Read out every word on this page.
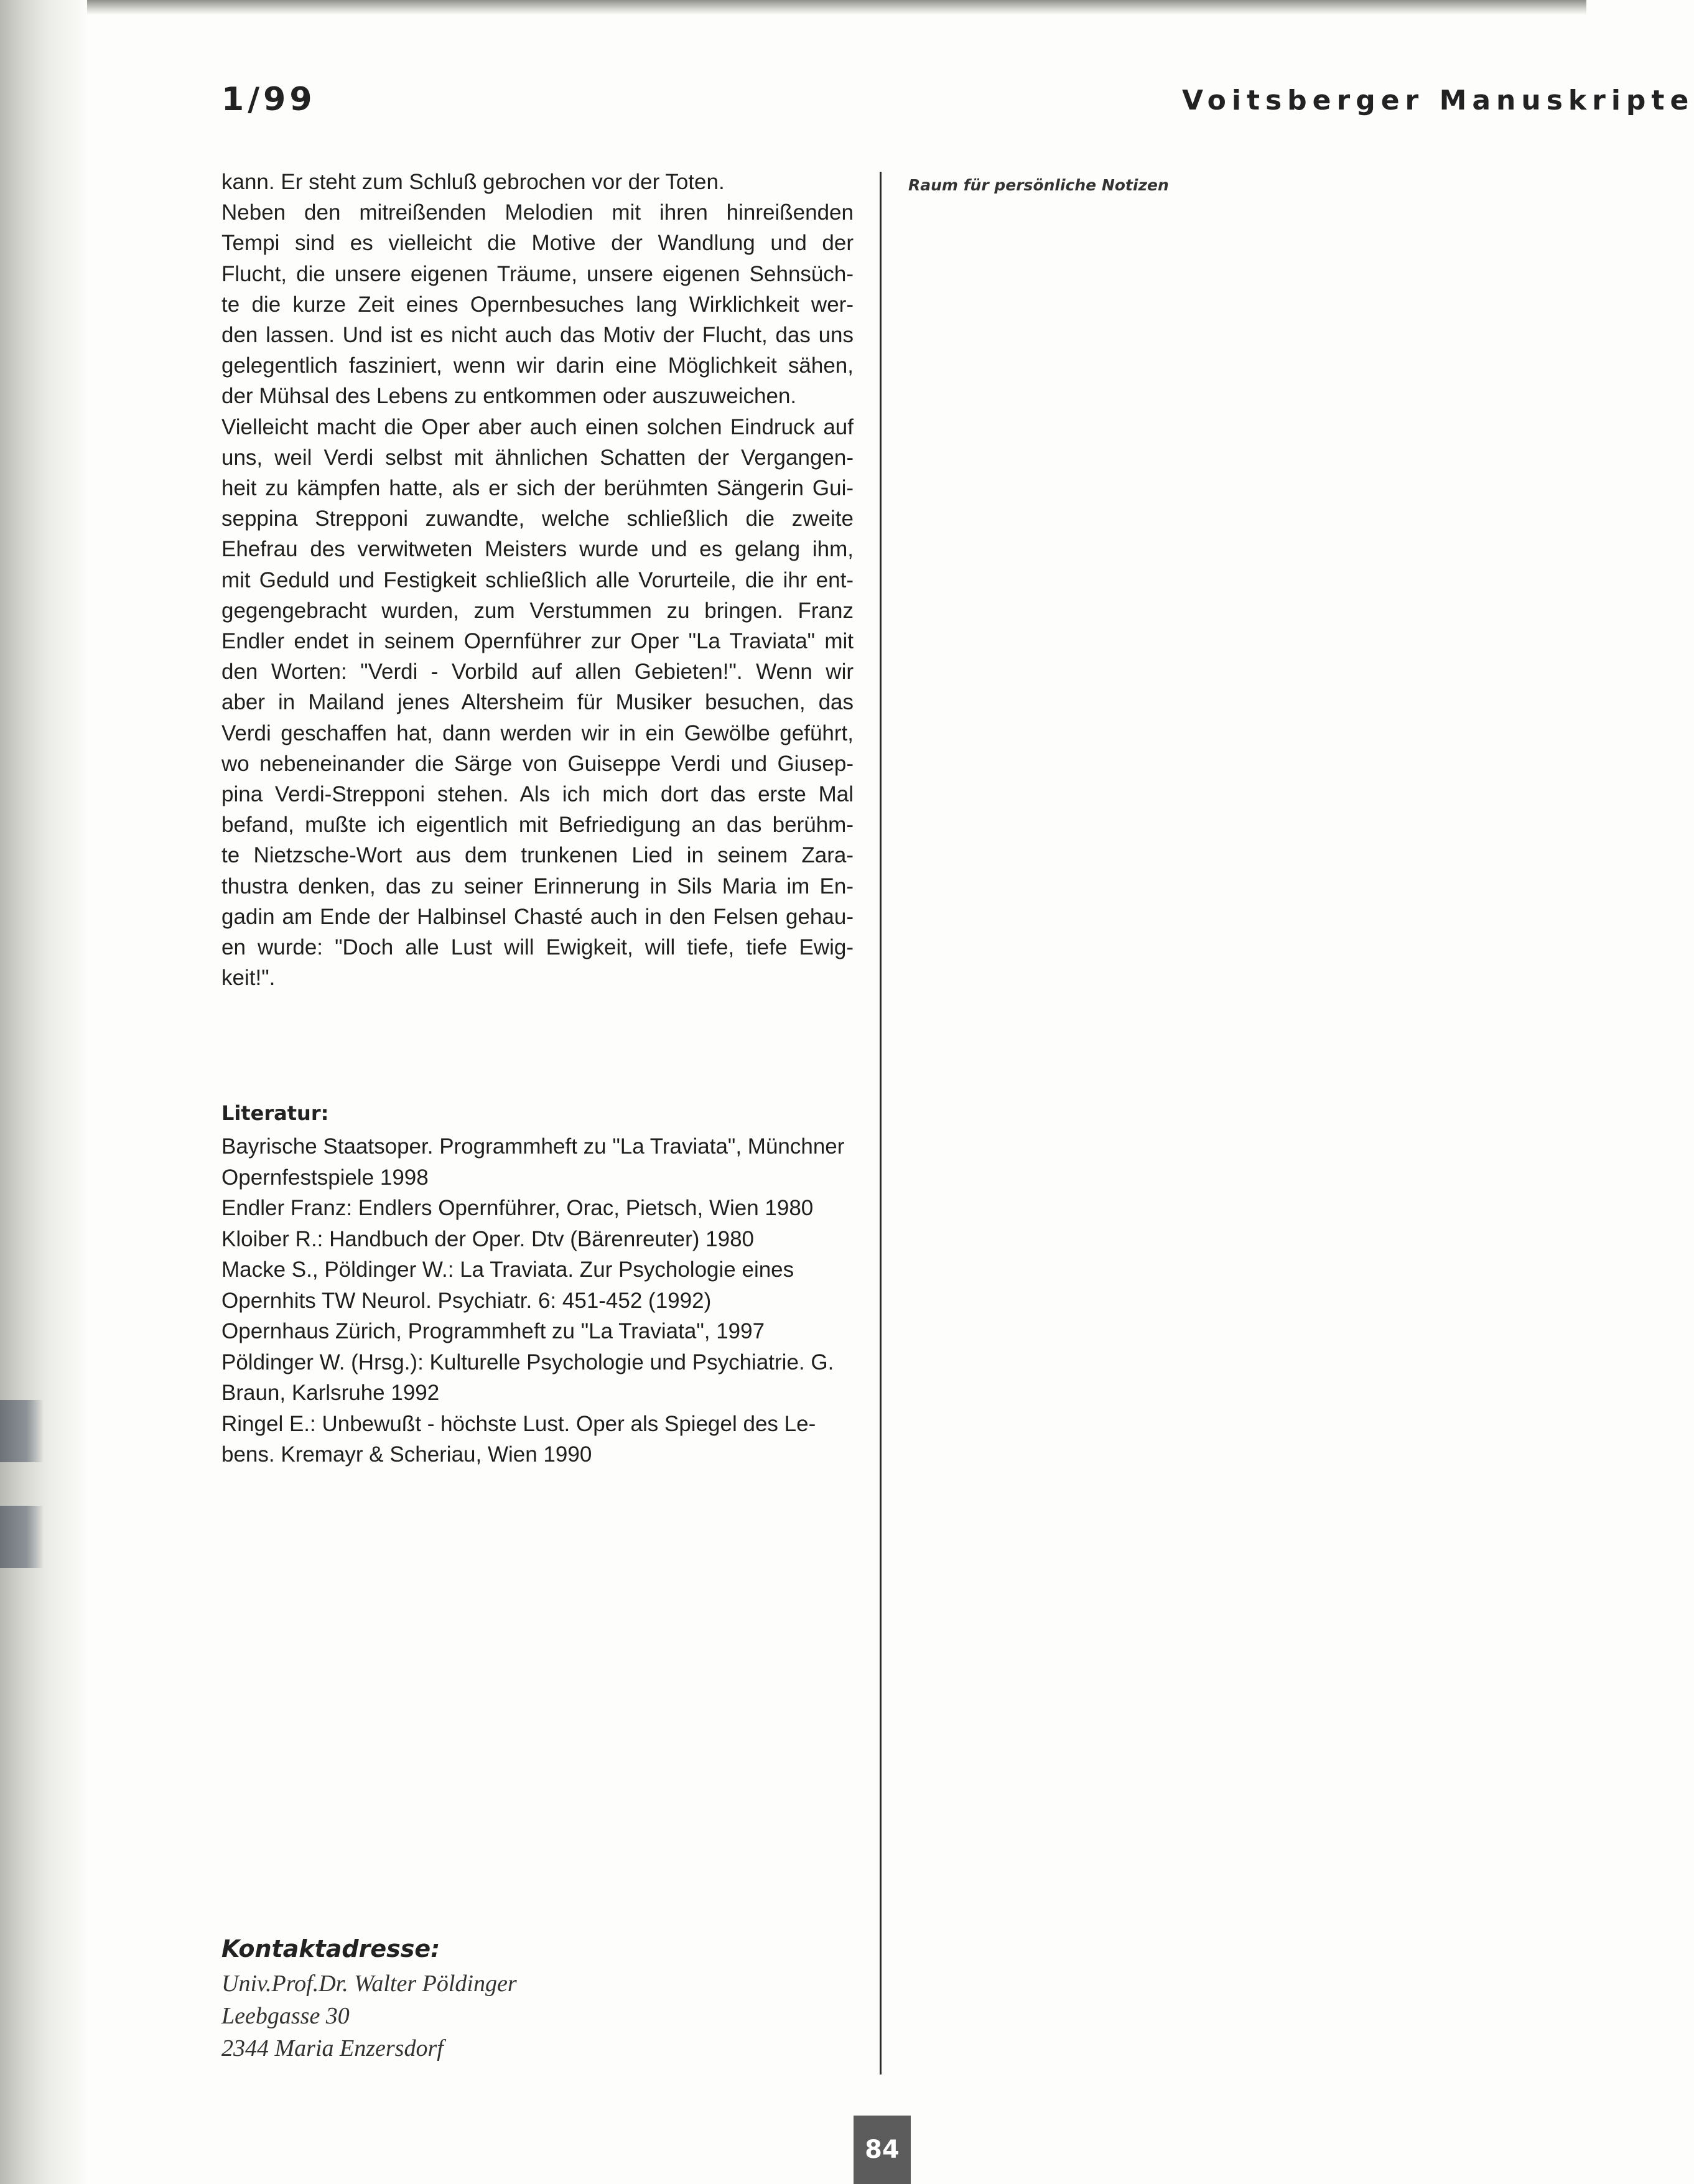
1/99	Voitsberger Manuskripte

kann. Er steht zum Schluß gebrochen vor der Toten.
Neben den mitreißenden Melodien mit ihren hinreißenden
Tempi sind es vielleicht die Motive der Wandlung und der
Flucht, die unsere eigenen Träume, unsere eigenen Sehnsüch-
te die kurze Zeit eines Opernbesuches lang Wirklichkeit wer-
den lassen. Und ist es nicht auch das Motiv der Flucht, das uns
gelegentlich fasziniert, wenn wir darin eine Möglichkeit sähen,
der Mühsal des Lebens zu entkommen oder auszuweichen.
Vielleicht macht die Oper aber auch einen solchen Eindruck auf
uns, weil Verdi selbst mit ähnlichen Schatten der Vergangen-
heit zu kämpfen hatte, als er sich der berühmten Sängerin Gui-
seppina Strepponi zuwandte, welche schließlich die zweite
Ehefrau des verwitweten Meisters wurde und es gelang ihm,
mit Geduld und Festigkeit schließlich alle Vorurteile, die ihr ent-
gegengebracht wurden, zum Verstummen zu bringen. Franz
Endler endet in seinem Opernführer zur Oper "La Traviata" mit
den Worten: "Verdi - Vorbild auf allen Gebieten!". Wenn wir
aber in Mailand jenes Altersheim für Musiker besuchen, das
Verdi geschaffen hat, dann werden wir in ein Gewölbe geführt,
wo nebeneinander die Särge von Guiseppe Verdi und Giusep-
pina Verdi-Strepponi stehen. Als ich mich dort das erste Mal
befand, mußte ich eigentlich mit Befriedigung an das berühm-
te Nietzsche-Wort aus dem trunkenen Lied in seinem Zara-
thustra denken, das zu seiner Erinnerung in Sils Maria im En-
gadin am Ende der Halbinsel Chasté auch in den Felsen gehau-
en wurde: "Doch alle Lust will Ewigkeit, will tiefe, tiefe Ewig-
keit!".

Literatur:
Bayrische Staatsoper. Programmheft zu "La Traviata", Münchner
Opernfestspiele 1998
Endler Franz: Endlers Opernführer, Orac, Pietsch, Wien 1980
Kloiber R.: Handbuch der Oper. Dtv (Bärenreuter) 1980
Macke S., Pöldinger W.: La Traviata. Zur Psychologie eines
Opernhits TW Neurol. Psychiatr. 6: 451-452 (1992)
Opernhaus Zürich, Programmheft zu "La Traviata", 1997
Pöldinger W. (Hrsg.): Kulturelle Psychologie und Psychiatrie. G.
Braun, Karlsruhe 1992
Ringel E.: Unbewußt - höchste Lust. Oper als Spiegel des Le-
bens. Kremayr & Scheriau, Wien 1990
Raum für persönliche Notizen
Kontaktadresse:
Univ.Prof.Dr. Walter Pöldinger
Leebgasse 30
2344 Maria Enzersdorf
84
